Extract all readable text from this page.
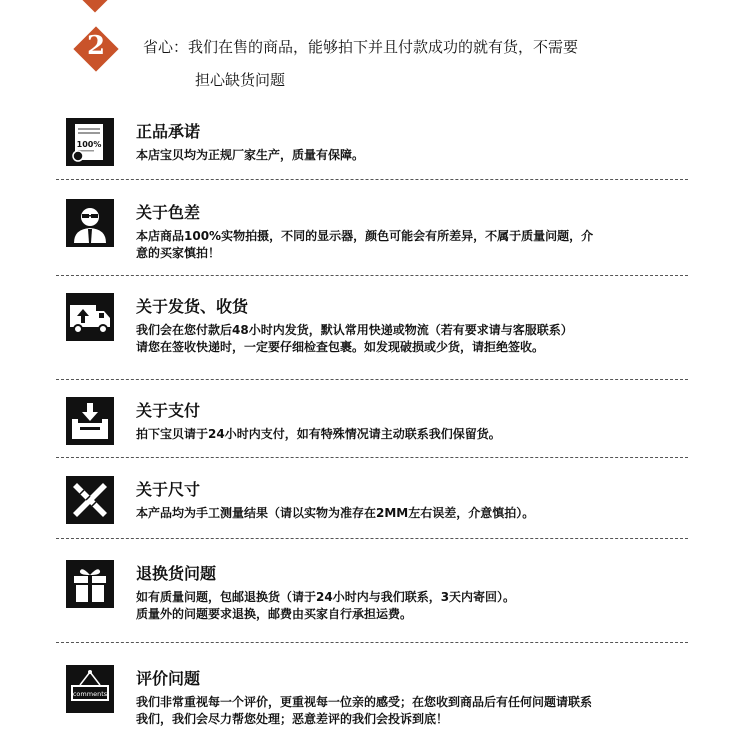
2	省心：我们在售的商品，能够拍下并且付款成功的就有货，不需要
担心缺货问题
100%
正品承诺
本店宝贝均为正规厂家生产，质量有保障。
关于色差
本店商品100%实物拍摄，不同的显示器，颜色可能会有所差异，不属于质量问题，介
意的买家慎拍！
关于发货、收货
我们会在您付款后48小时内发货，默认常用快递或物流（若有要求请与客服联系）
请您在签收快递时，一定要仔细检查包裹。如发现破损或少货，请拒绝签收。
关于支付
拍下宝贝请于24小时内支付，如有特殊情况请主动联系我们保留货。
关于尺寸
本产品均为手工测量结果（请以实物为准存在2MM左右误差，介意慎拍）。
退换货问题
如有质量问题，包邮退换货（请于24小时内与我们联系，3天内寄回）。
质量外的问题要求退换，邮费由买家自行承担运费。
comments
评价问题
我们非常重视每一个评价，更重视每一位亲的感受；在您收到商品后有任何问题请联系
我们，我们会尽力帮您处理；恶意差评的我们会投诉到底！
